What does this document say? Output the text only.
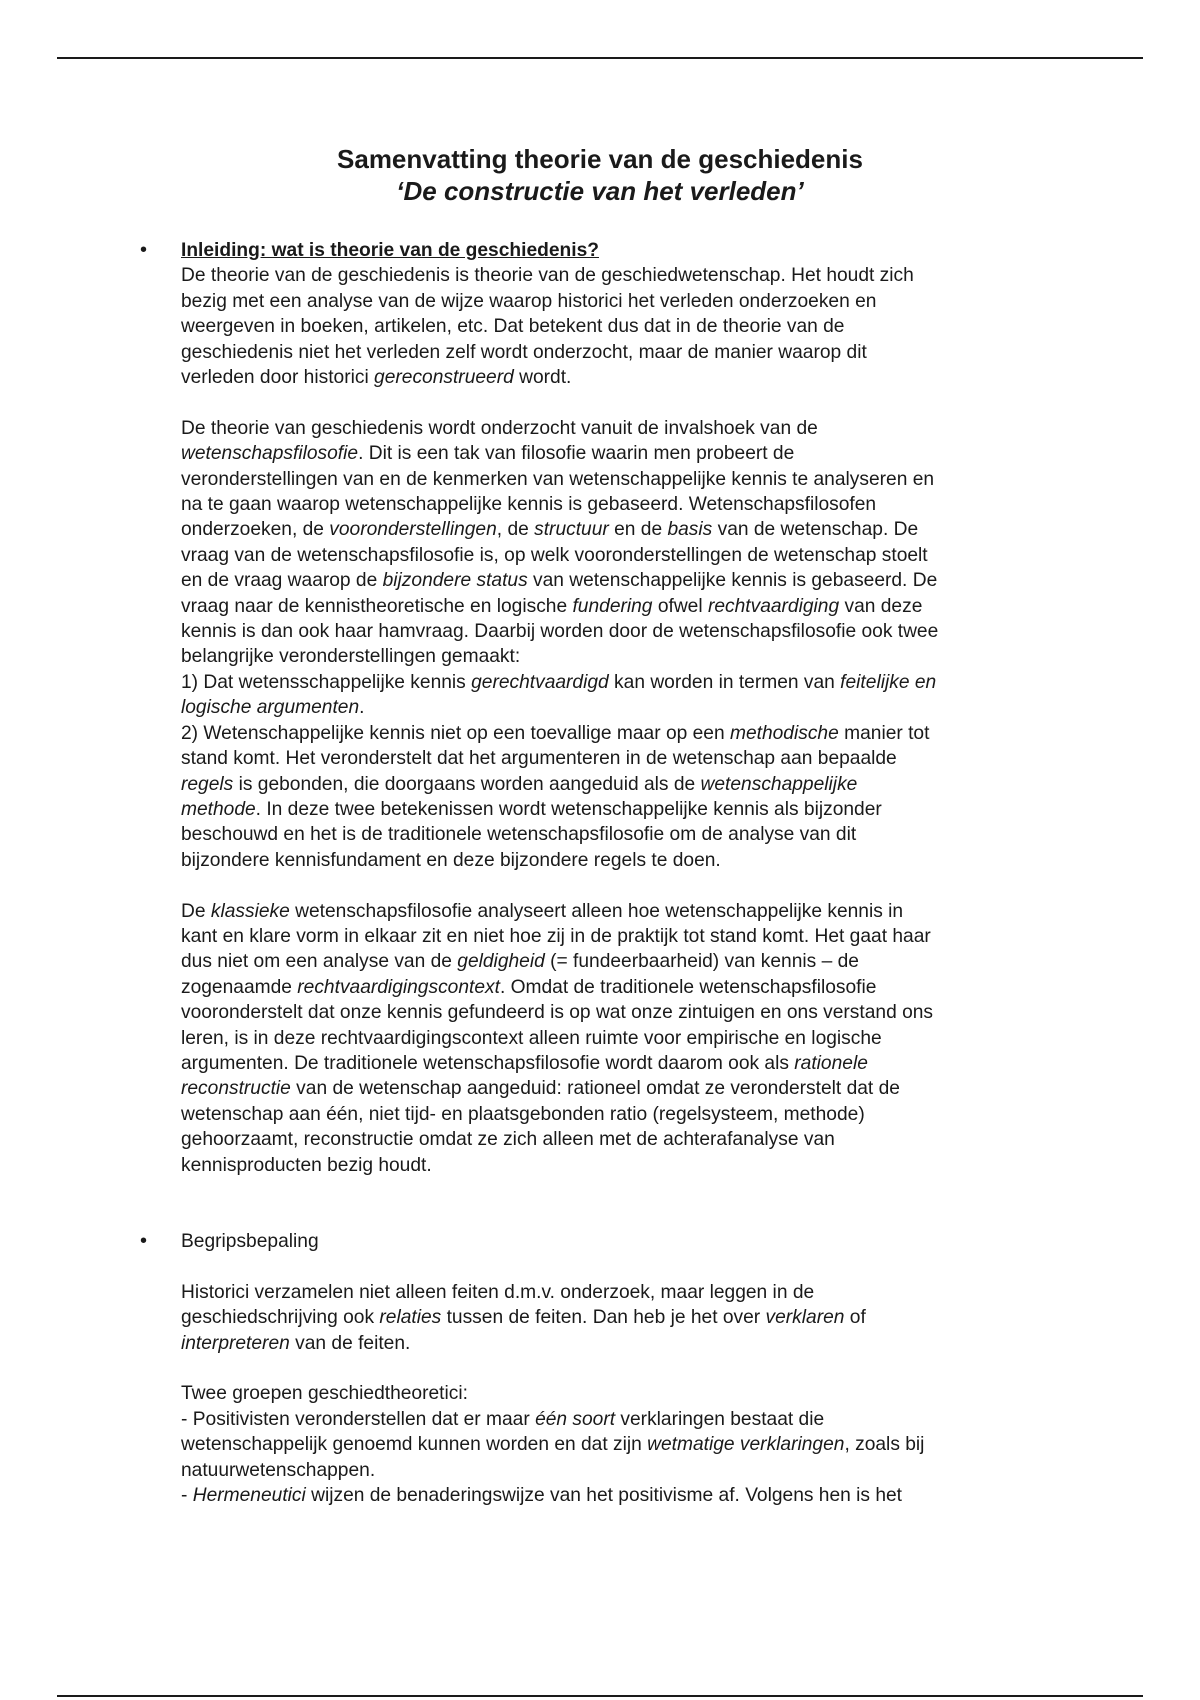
Samenvatting theorie van de geschiedenis
‘De constructie van het verleden’
• Inleiding: wat is theorie van de geschiedenis?

De theorie van de geschiedenis is theorie van de geschiedwetenschap. Het houdt zich
bezig met een analyse van de wijze waarop historici het verleden onderzoeken en
weergeven in boeken, artikelen, etc. Dat betekent dus dat in de theorie van de
geschiedenis niet het verleden zelf wordt onderzocht, maar de manier waarop dit
verleden door historici gereconstrueerd wordt.

De theorie van geschiedenis wordt onderzocht vanuit de invalshoek van de
wetenschapsfilosofie. Dit is een tak van filosofie waarin men probeert de
veronderstellingen van en de kenmerken van wetenschappelijke kennis te analyseren en
na te gaan waarop wetenschappelijke kennis is gebaseerd. Wetenschapsfilosofen
onderzoeken, de vooronderstellingen, de structuur en de basis van de wetenschap. De
vraag van de wetenschapsfilosofie is, op welk vooronderstellingen de wetenschap stoelt
en de vraag waarop de bijzondere status van wetenschappelijke kennis is gebaseerd. De
vraag naar de kennistheoretische en logische fundering ofwel rechtvaardiging van deze
kennis is dan ook haar hamvraag. Daarbij worden door de wetenschapsfilosofie ook twee
belangrijke veronderstellingen gemaakt:
1) Dat wetensschappelijke kennis gerechtvaardigd kan worden in termen van feitelijke en
logische argumenten.
2) Wetenschappelijke kennis niet op een toevallige maar op een methodische manier tot
stand komt. Het veronderstelt dat het argumenteren in de wetenschap aan bepaalde
regels is gebonden, die doorgaans worden aangeduid als de wetenschappelijke
methode. In deze twee betekenissen wordt wetenschappelijke kennis als bijzonder
beschouwd en het is de traditionele wetenschapsfilosofie om de analyse van dit
bijzondere kennisfundament en deze bijzondere regels te doen.

De klassieke wetenschapsfilosofie analyseert alleen hoe wetenschappelijke kennis in
kant en klare vorm in elkaar zit en niet hoe zij in de praktijk tot stand komt. Het gaat haar
dus niet om een analyse van de geldigheid (= fundeerbaarheid) van kennis – de
zogenaamde rechtvaardigingscontext. Omdat de traditionele wetenschapsfilosofie
vooronderstelt dat onze kennis gefundeerd is op wat onze zintuigen en ons verstand ons
leren, is in deze rechtvaardigingscontext alleen ruimte voor empirische en logische
argumenten. De traditionele wetenschapsfilosofie wordt daarom ook als rationele
reconstructie van de wetenschap aangeduid: rationeel omdat ze veronderstelt dat de
wetenschap aan één, niet tijd- en plaatsgebonden ratio (regelsysteem, methode)
gehoorzaamt, reconstructie omdat ze zich alleen met de achterafanalyse van
kennisproducten bezig houdt.

• Begripsbepaling

Historici verzamelen niet alleen feiten d.m.v. onderzoek, maar leggen in de
geschiedschrijving ook relaties tussen de feiten. Dan heb je het over verklaren of
interpreteren van de feiten.

Twee groepen geschiedtheoretici:
- Positivisten veronderstellen dat er maar één soort verklaringen bestaat die
wetenschappelijk genoemd kunnen worden en dat zijn wetmatige verklaringen, zoals bij
natuurwetenschappen.
- Hermeneutici wijzen de benaderingswijze van het positivisme af. Volgens hen is het
